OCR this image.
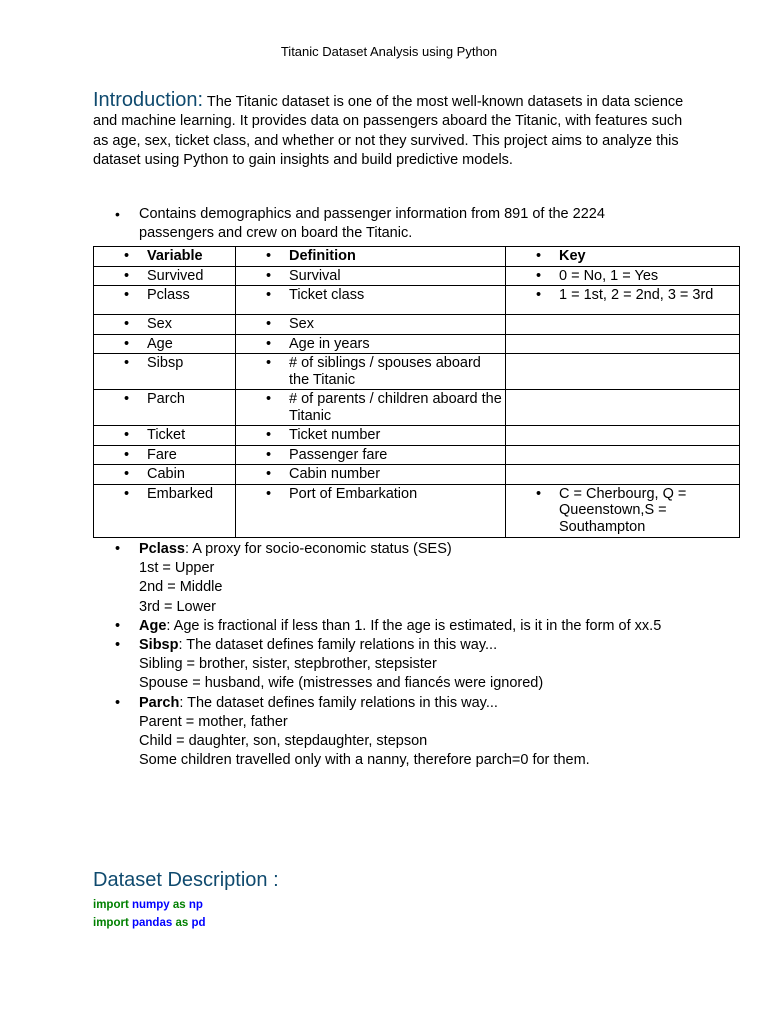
Titanic Dataset Analysis using Python
Introduction: The Titanic dataset is one of the most well-known datasets in data science and machine learning. It provides data on passengers aboard the Titanic, with features such as age, sex, ticket class, and whether or not they survived. This project aims to analyze this dataset using Python to gain insights and build predictive models.
• Contains demographics and passenger information from 891 of the 2224
passengers and crew on board the Titanic.
• Variable	• Definition	• Key

• Survived	• Survival	• 0 = No, 1 = Yes

• Pclass	• Ticket class	• 1 = 1st, 2 = 2nd, 3 = 3rd

• Sex	• Sex	

• Age	• Age in years	

• Sibsp	• # of siblings / spouses aboard the Titanic	

• Parch	• # of parents / children aboard the Titanic	

• Ticket	• Ticket number	

• Fare	• Passenger fare	

• Cabin	• Cabin number	

• Embarked	• Port of Embarkation	• C = Cherbourg, Q = Queenstown,S = Southampton
• Pclass: A proxy for socio-economic status (SES)
1st = Upper
2nd = Middle
3rd = Lower
• Age: Age is fractional if less than 1. If the age is estimated, is it in the form of xx.5
• Sibsp: The dataset defines family relations in this way...
Sibling = brother, sister, stepbrother, stepsister
Spouse = husband, wife (mistresses and fiancés were ignored)
• Parch: The dataset defines family relations in this way...
Parent = mother, father
Child = daughter, son, stepdaughter, stepson
Some children travelled only with a nanny, therefore parch=0 for them.
Dataset Description :
import numpy as np
import pandas as pd
